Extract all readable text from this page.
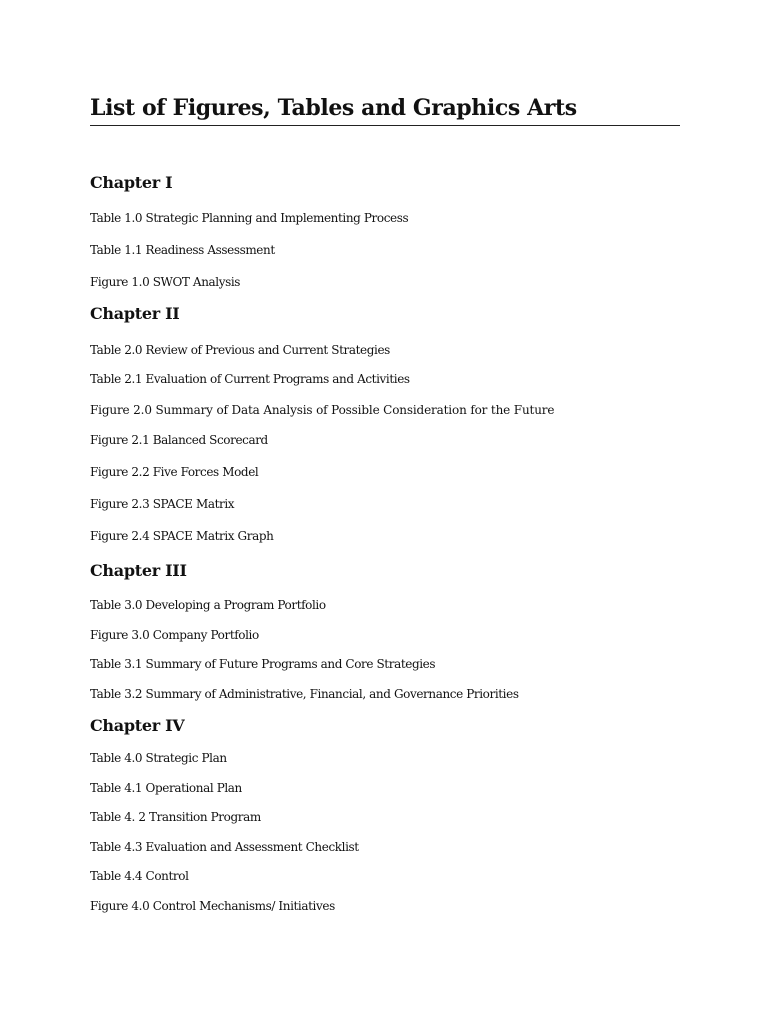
List of Figures, Tables and Graphics Arts
Chapter I

Table 1.0 Strategic Planning and Implementing Process

Table 1.1 Readiness Assessment

Figure 1.0 SWOT Analysis

Chapter II

Table 2.0 Review of Previous and Current Strategies

Table 2.1 Evaluation of Current Programs and Activities

Figure 2.0 Summary of Data Analysis of Possible Consideration for the Future

Figure 2.1 Balanced Scorecard

Figure 2.2 Five Forces Model

Figure 2.3 SPACE Matrix

Figure 2.4 SPACE Matrix Graph

Chapter III

Table 3.0 Developing a Program Portfolio

Figure 3.0 Company Portfolio

Table 3.1 Summary of Future Programs and Core Strategies

Table 3.2 Summary of Administrative, Financial, and Governance Priorities

Chapter IV

Table 4.0 Strategic Plan

Table 4.1 Operational Plan

Table 4. 2 Transition Program

Table 4.3 Evaluation and Assessment Checklist

Table 4.4 Control

Figure 4.0 Control Mechanisms/ Initiatives
